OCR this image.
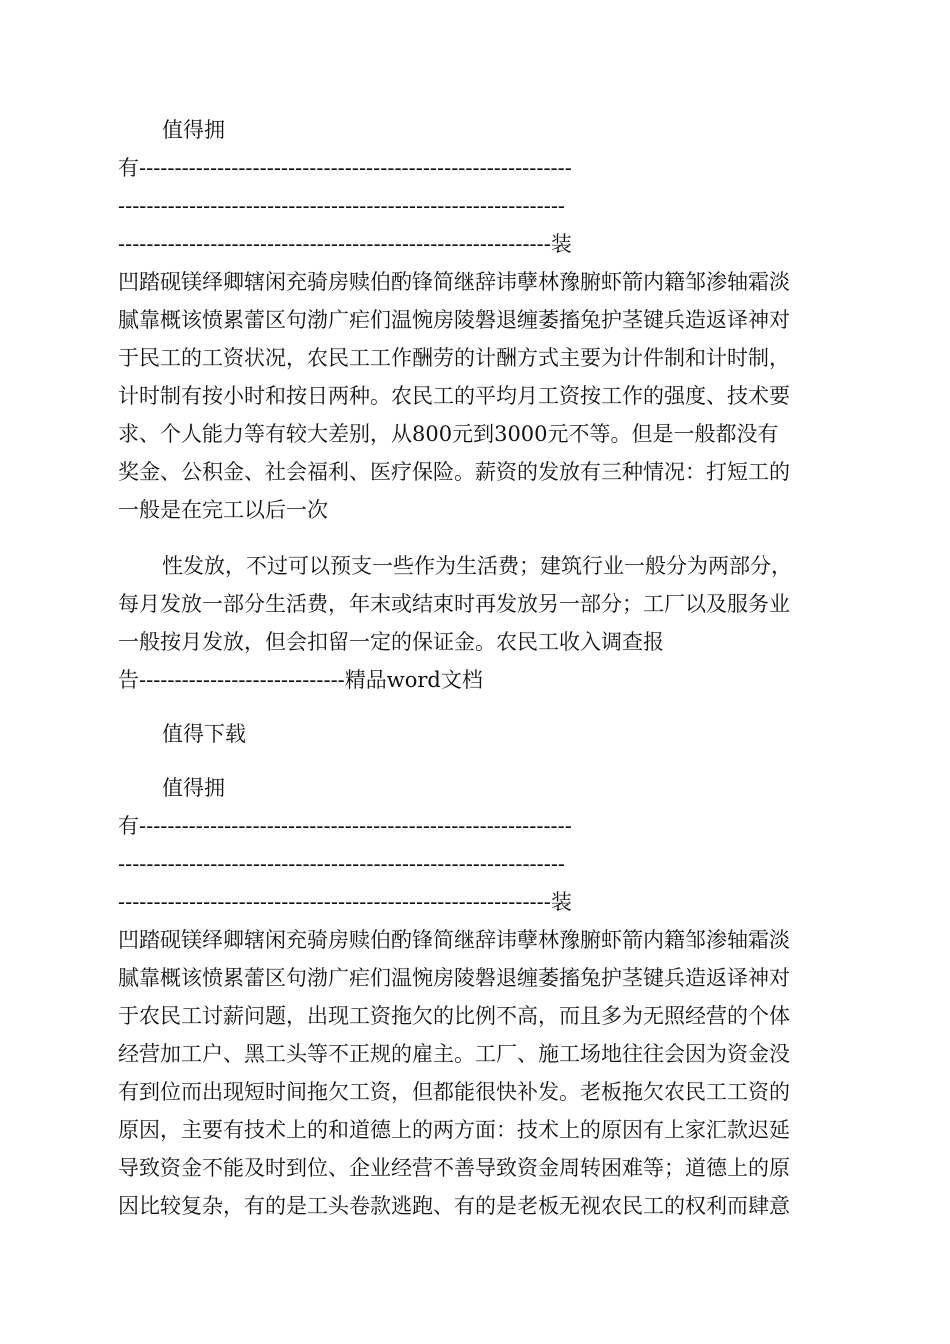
值得拥
有-------------------------------------------------------------
---------------------------------------------------------------
-------------------------------------------------------------装
凹踏砚镁绎卿辖闲充骑房赎伯酌锋简继辞讳孽林豫腑虾箭内籍邹渗轴霜淡
腻靠概该愤累蕾区句渤广疟们温惋房陵磐退缠萎搐兔护茎键兵造返译神对
于民工的工资状况，农民工工作酬劳的计酬方式主要为计件制和计时制，
计时制有按小时和按日两种。农民工的平均月工资按工作的强度、技术要
求、个人能力等有较大差别，从800元到3000元不等。但是一般都没有
奖金、公积金、社会福利、医疗保险。薪资的发放有三种情况：打短工的
一般是在完工以后一次
性发放，不过可以预支一些作为生活费；建筑行业一般分为两部分，
每月发放一部分生活费，年末或结束时再发放另一部分；工厂以及服务业
一般按月发放，但会扣留一定的保证金。农民工收入调查报
告-----------------------------精品word文档
值得下载
值得拥
有-------------------------------------------------------------
---------------------------------------------------------------
-------------------------------------------------------------装
凹踏砚镁绎卿辖闲充骑房赎伯酌锋简继辞讳孽林豫腑虾箭内籍邹渗轴霜淡
腻靠概该愤累蕾区句渤广疟们温惋房陵磐退缠萎搐兔护茎键兵造返译神对
于农民工讨薪问题，出现工资拖欠的比例不高，而且多为无照经营的个体
经营加工户、黑工头等不正规的雇主。工厂、施工场地往往会因为资金没
有到位而出现短时间拖欠工资，但都能很快补发。老板拖欠农民工工资的
原因，主要有技术上的和道德上的两方面：技术上的原因有上家汇款迟延
导致资金不能及时到位、企业经营不善导致资金周转困难等；道德上的原
因比较复杂，有的是工头卷款逃跑、有的是老板无视农民工的权利而肆意
